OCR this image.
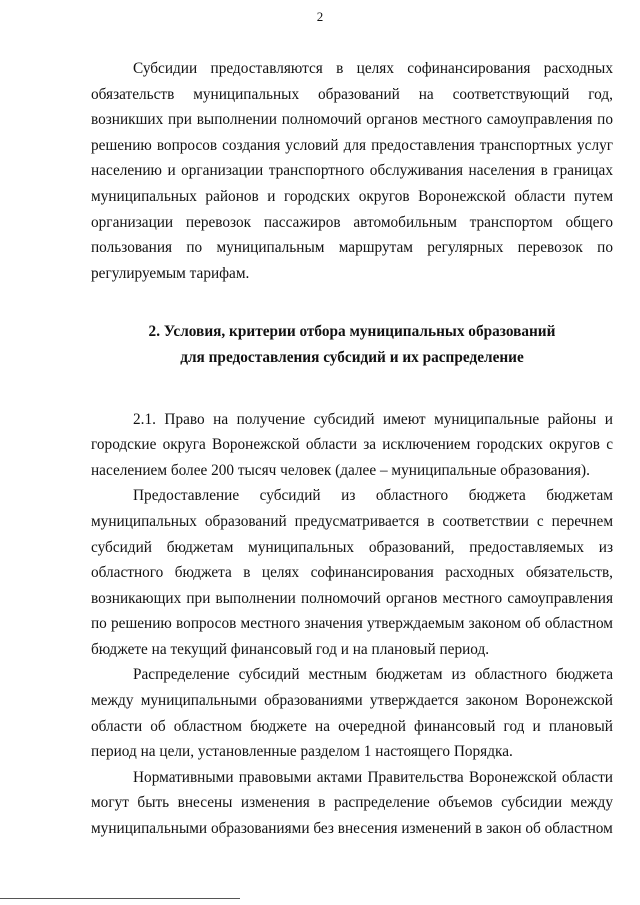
2

Субсидии предоставляются в целях софинансирования расходных обязательств муниципальных образований на соответствующий год, возникших при выполнении полномочий органов местного самоуправления по решению вопросов создания условий для предоставления транспортных услуг населению и организации транспортного обслуживания населения в границах муниципальных районов и городских округов Воронежской области путем организации перевозок пассажиров автомобильным транспортом общего пользования по муниципальным маршрутам регулярных перевозок по регулируемым тарифам.

2. Условия, критерии отбора муниципальных образований

для предоставления субсидий и их распределение

2.1. Право на получение субсидий имеют муниципальные районы и городские округа Воронежской области за исключением городских округов с населением более 200 тысяч человек (далее – муниципальные образования).

Предоставление субсидий из областного бюджета бюджетам муниципальных образований предусматривается в соответствии с перечнем субсидий бюджетам муниципальных образований, предоставляемых из областного бюджета в целях софинансирования расходных обязательств, возникающих при выполнении полномочий органов местного самоуправления по решению вопросов местного значения утверждаемым законом об областном бюджете на текущий финансовый год и на плановый период.

Распределение субсидий местным бюджетам из областного бюджета между муниципальными образованиями утверждается законом Воронежской области об областном бюджете на очередной финансовый год и плановый период на цели, установленные разделом 1 настоящего Порядка.

Нормативными правовыми актами Правительства Воронежской области могут быть внесены изменения в распределение объемов субсидии между муниципальными образованиями без внесения изменений в закон об областном
